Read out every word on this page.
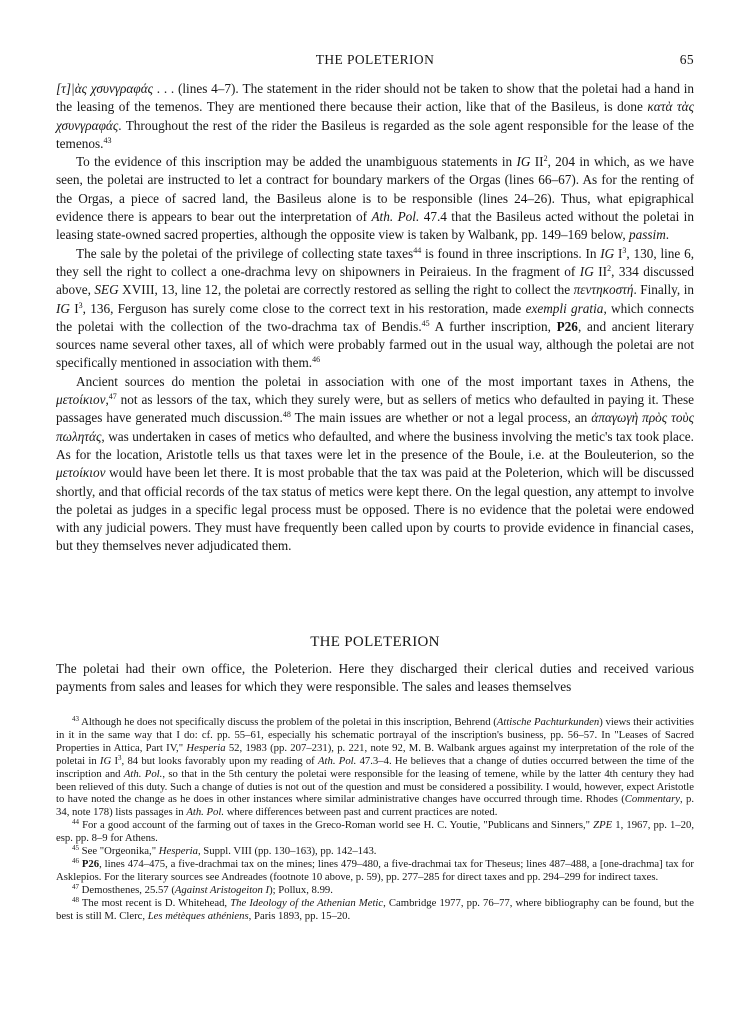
THE POLETERION	65

[τ]|ὰς χσυνγραφάς . . . (lines 4–7). The statement in the rider should not be taken to show that the poletai had a hand in the leasing of the temenos. They are mentioned there because their action, like that of the Basileus, is done κατὰ τὰς χσυνγραφάς. Throughout the rest of the rider the Basileus is regarded as the sole agent responsible for the lease of the temenos.$^{43}$

To the evidence of this inscription may be added the unambiguous statements in IG $II^2$, 204 in which, as we have seen, the poletai are instructed to let a contract for boundary markers of the Orgas (lines 66–67). As for the renting of the Orgas, a piece of sacred land, the Basileus alone is to be responsible (lines 24–26). Thus, what epigraphical evidence there is appears to bear out the interpretation of Ath. Pol. 47.4 that the Basileus acted without the poletai in leasing state-owned sacred properties, although the opposite view is taken by Walbank, pp. 149–169 below, passim.

The sale by the poletai of the privilege of collecting state taxes$^{44}$ is found in three inscriptions. In IG $I^3$, 130, line 6, they sell the right to collect a one-drachma levy on shipowners in Peiraieus. In the fragment of IG $II^2$, 334 discussed above, SEG XVIII, 13, line 12, the poletai are correctly restored as selling the right to collect the πεντηκοστή. Finally, in IG $I^3$, 136, Ferguson has surely come close to the correct text in his restoration, made exempli gratia, which connects the poletai with the collection of the two-drachma tax of Bendis.$^{45}$ A further inscription, P26, and ancient literary sources name several other taxes, all of which were probably farmed out in the usual way, although the poletai are not specifically mentioned in association with them.$^{46}$

Ancient sources do mention the poletai in association with one of the most important taxes in Athens, the μετοίκιον,$^{47}$ not as lessors of the tax, which they surely were, but as sellers of metics who defaulted in paying it. These passages have generated much discussion.$^{48}$ The main issues are whether or not a legal process, an ἀπαγωγὴ πρὸς τοὺς πωλητάς, was undertaken in cases of metics who defaulted, and where the business involving the metic's tax took place. As for the location, Aristotle tells us that taxes were let in the presence of the Boule, i.e. at the Bouleuterion, so the μετοίκιον would have been let there. It is most probable that the tax was paid at the Poleterion, which will be discussed shortly, and that official records of the tax status of metics were kept there. On the legal question, any attempt to involve the poletai as judges in a specific legal process must be opposed. There is no evidence that the poletai were endowed with any judicial powers. They must have frequently been called upon by courts to provide evidence in financial cases, but they themselves never adjudicated them.

THE POLETERION

The poletai had their own office, the Poleterion. Here they discharged their clerical duties and received various payments from sales and leases for which they were responsible. The sales and leases themselves

$^{43}$ Although he does not specifically discuss the problem of the poletai in this inscription, Behrend (Attische Pachturkunden) views their activities in it in the same way that I do: cf. pp. 55–61, especially his schematic portrayal of the inscription's business, pp. 56–57. In "Leases of Sacred Properties in Attica, Part IV," Hesperia 52, 1983 (pp. 207–231), p. 221, note 92, M. B. Walbank argues against my interpretation of the role of the poletai in IG $I^3$, 84 but looks favorably upon my reading of Ath. Pol. 47.3–4. He believes that a change of duties occurred between the time of the inscription and Ath. Pol., so that in the 5th century the poletai were responsible for the leasing of temene, while by the latter 4th century they had been relieved of this duty. Such a change of duties is not out of the question and must be considered a possibility. I would, however, expect Aristotle to have noted the change as he does in other instances where similar administrative changes have occurred through time. Rhodes (Commentary, p. 34, note 178) lists passages in Ath. Pol. where differences between past and current practices are noted.

$^{44}$ For a good account of the farming out of taxes in the Greco-Roman world see H. C. Youtie, "Publicans and Sinners," ZPE 1, 1967, pp. 1–20, esp. pp. 8–9 for Athens.

$^{45}$ See "Orgeonika," Hesperia, Suppl. VIII (pp. 130–163), pp. 142–143.

$^{46}$ P26, lines 474–475, a five-drachmai tax on the mines; lines 479–480, a five-drachmai tax for Theseus; lines 487–488, a [one-drachma] tax for Asklepios. For the literary sources see Andreades (footnote 10 above, p. 59), pp. 277–285 for direct taxes and pp. 294–299 for indirect taxes.

$^{47}$ Demosthenes, 25.57 (Against Aristogeiton I); Pollux, 8.99.

$^{48}$ The most recent is D. Whitehead, The Ideology of the Athenian Metic, Cambridge 1977, pp. 76–77, where bibliography can be found, but the best is still M. Clerc, Les métèques athéniens, Paris 1893, pp. 15–20.
